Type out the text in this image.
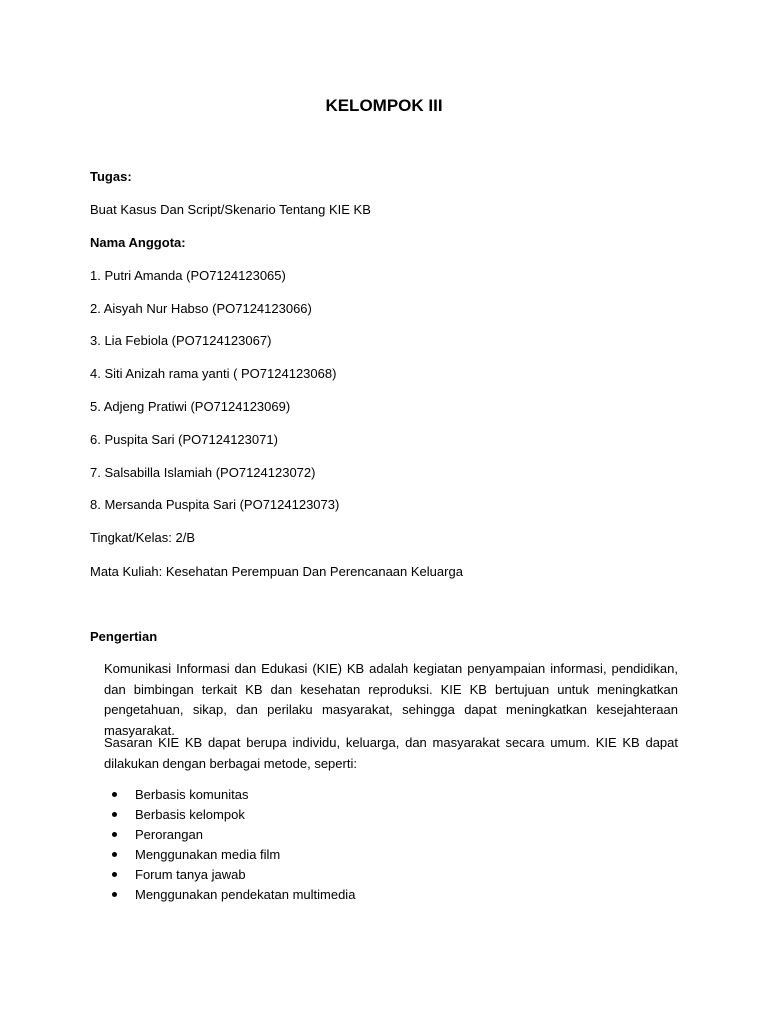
KELOMPOK III
Tugas:
Buat Kasus Dan Script/Skenario Tentang KIE KB
Nama Anggota:
1. Putri Amanda (PO7124123065)
2. Aisyah Nur Habso (PO7124123066)
3. Lia Febiola (PO7124123067)
4. Siti Anizah rama yanti ( PO7124123068)
5. Adjeng Pratiwi (PO7124123069)
6. Puspita Sari (PO7124123071)
7. Salsabilla Islamiah (PO7124123072)
8. Mersanda Puspita Sari (PO7124123073)
Tingkat/Kelas: 2/B
Mata Kuliah: Kesehatan Perempuan Dan Perencanaan Keluarga
Pengertian

Komunikasi Informasi dan Edukasi (KIE) KB adalah kegiatan penyampaian informasi, pendidikan, dan bimbingan terkait KB dan kesehatan reproduksi. KIE KB bertujuan untuk meningkatkan pengetahuan, sikap, dan perilaku masyarakat, sehingga dapat meningkatkan kesejahteraan masyarakat.

Sasaran KIE KB dapat berupa individu, keluarga, dan masyarakat secara umum. KIE KB dapat dilakukan dengan berbagai metode, seperti:

Berbasis komunitas
Berbasis kelompok
Perorangan
Menggunakan media film
Forum tanya jawab
Menggunakan pendekatan multimedia
